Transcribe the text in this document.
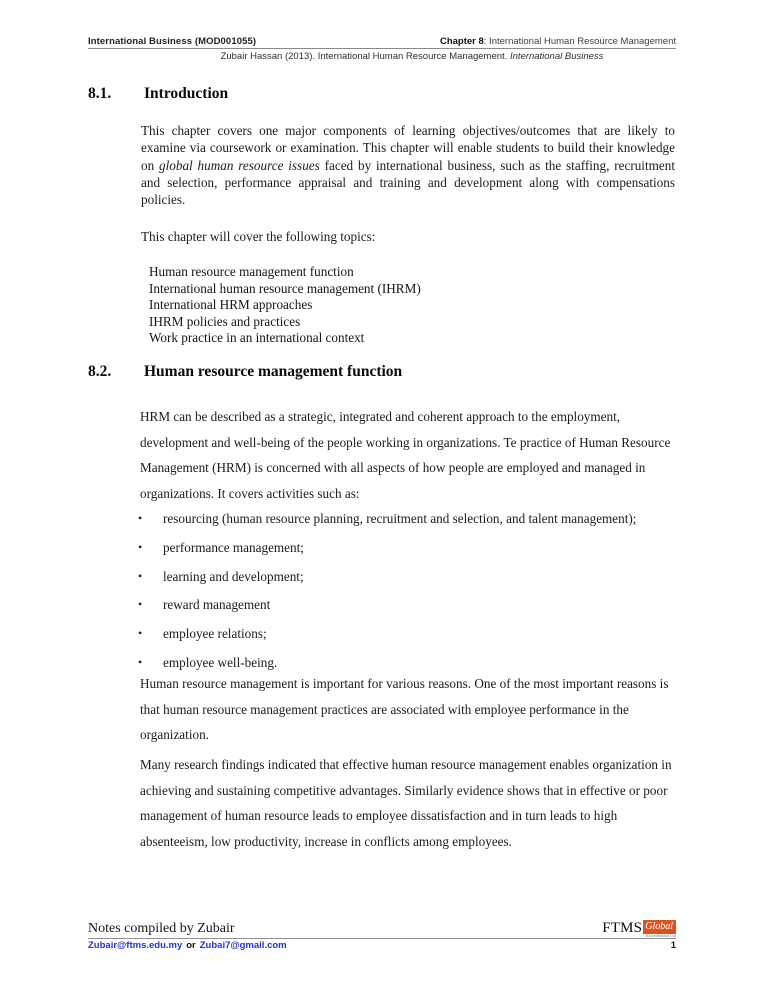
International Business (MOD001055)	Chapter 8: International Human Resource Management
Zubair Hassan (2013). International Human Resource Management. International Business
8.1. Introduction
This chapter covers one major components of learning objectives/outcomes that are likely to examine via coursework or examination. This chapter will enable students to build their knowledge on global human resource issues faced by international business, such as the staffing, recruitment and selection, performance appraisal and training and development along with compensations policies.
This chapter will cover the following topics:
Human resource management function
International human resource management (IHRM)
International HRM approaches
IHRM policies and practices
Work practice in an international context
8.2. Human resource management function
HRM can be described as a strategic, integrated and coherent approach to the employment, development and well-being of the people working in organizations. Te practice of Human Resource Management (HRM) is concerned with all aspects of how people are employed and managed in organizations. It covers activities such as:
• resourcing (human resource planning, recruitment and selection, and talent management);
• performance management;
• learning and development;
• reward management
• employee relations;
• employee well-being.
Human resource management is important for various reasons. One of the most important reasons is that human resource management practices are associated with employee performance in the organization.
Many research findings indicated that effective human resource management enables organization in achieving and sustaining competitive advantages. Similarly evidence shows that in effective or poor management of human resource leads to employee dissatisfaction and in turn leads to high absenteeism, low productivity, increase in conflicts among employees.
Notes compiled by Zubair	FTMS Global
~ Accreditation Ltd
Zubair@ftms.edu.my or Zubai7@gmail.com	1
